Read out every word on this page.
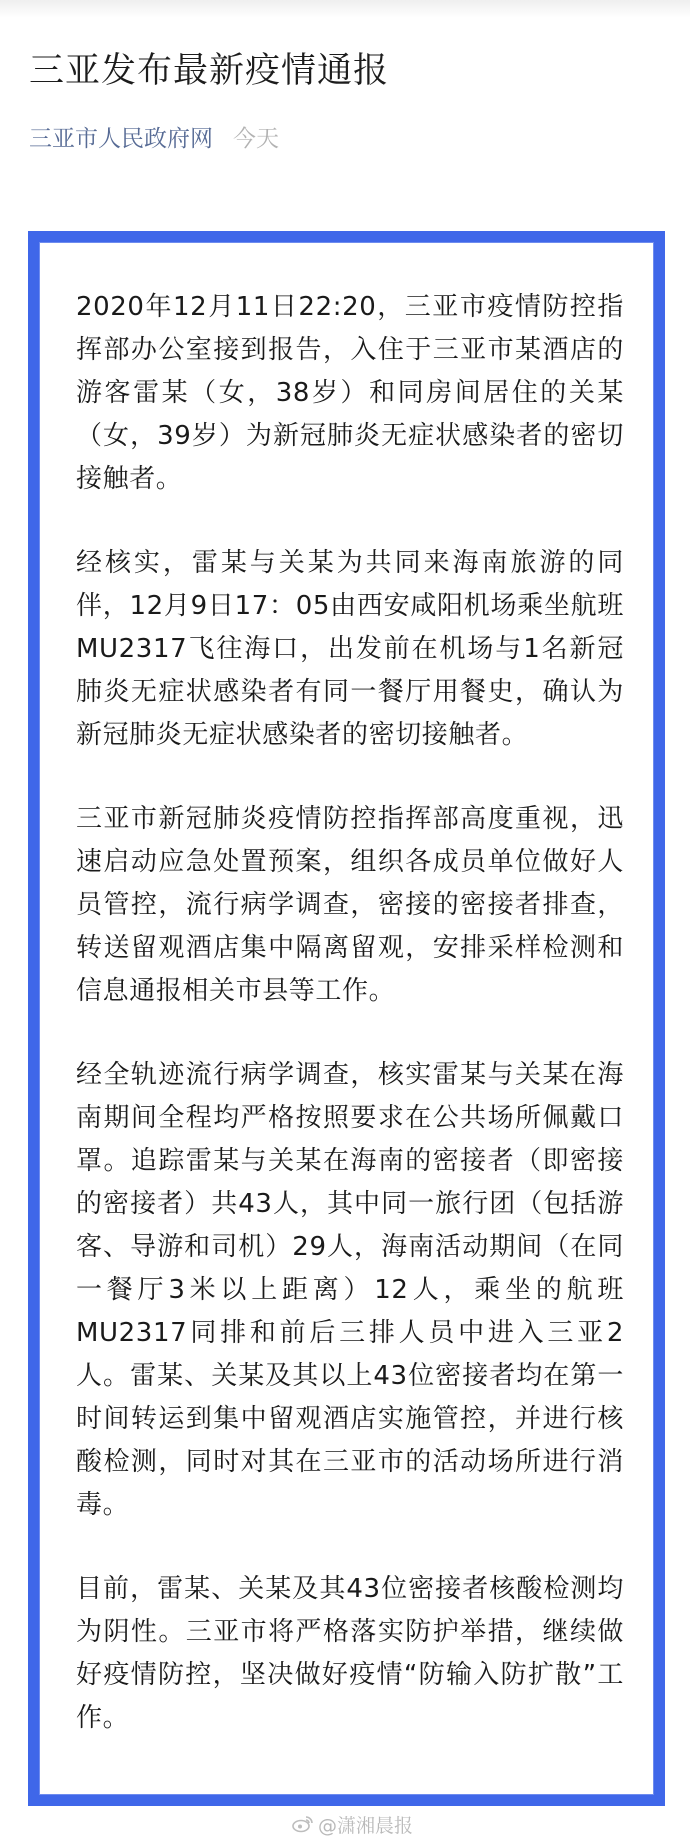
三亚发布最新疫情通报
三亚市人民政府网 今天

2020年12月11日22:20，三亚市疫情防控指挥部办公室接到报告，入住于三亚市某酒店的游客雷某（女，38岁）和同房间居住的关某（女，39岁）为新冠肺炎无症状感染者的密切接触者。

经核实，雷某与关某为共同来海南旅游的同伴，12月9日17：05由西安咸阳机场乘坐航班MU2317飞往海口，出发前在机场与1名新冠肺炎无症状感染者有同一餐厅用餐史，确认为新冠肺炎无症状感染者的密切接触者。

三亚市新冠肺炎疫情防控指挥部高度重视，迅速启动应急处置预案，组织各成员单位做好人员管控，流行病学调查，密接的密接者排查，转送留观酒店集中隔离留观，安排采样检测和信息通报相关市县等工作。

经全轨迹流行病学调查，核实雷某与关某在海南期间全程均严格按照要求在公共场所佩戴口罩。追踪雷某与关某在海南的密接者（即密接的密接者）共43人，其中同一旅行团（包括游客、导游和司机）29人，海南活动期间（在同一餐厅3米以上距离）12人，乘坐的航班MU2317同排和前后三排人员中进入三亚2人。雷某、关某及其以上43位密接者均在第一时间转运到集中留观酒店实施管控，并进行核酸检测，同时对其在三亚市的活动场所进行消毒。

目前，雷某、关某及其43位密接者核酸检测均为阴性。三亚市将严格落实防护举措，继续做好疫情防控，坚决做好疫情“防输入防扩散”工作。

@潇湘晨报
